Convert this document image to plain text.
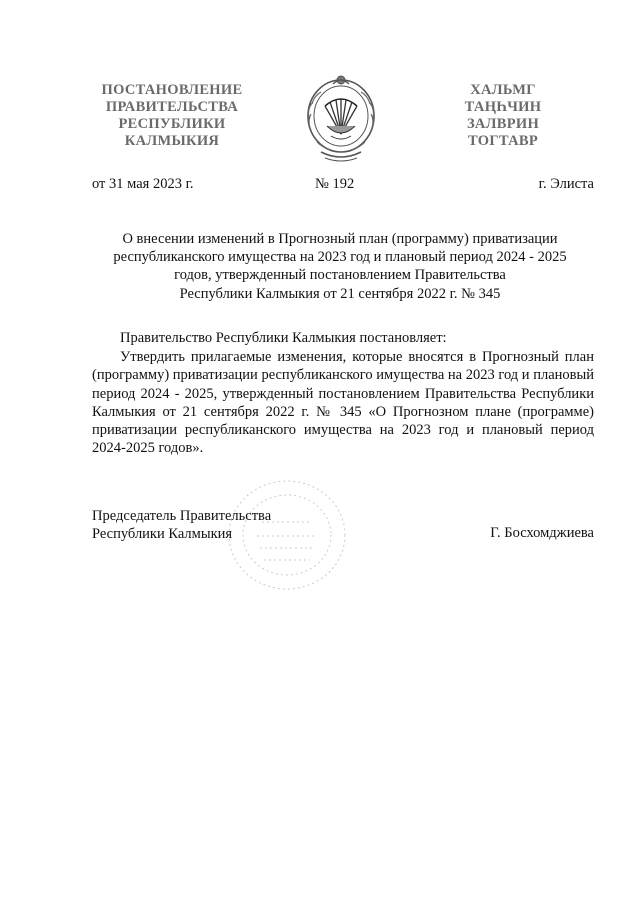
ПОСТАНОВЛЕНИЕ
ПРАВИТЕЛЬСТВА
РЕСПУБЛИКИ
КАЛМЫКИЯ
ХАЛЬМГ
ТАҢҺЧИН
ЗАЛВРИН
ТОГТАВР
от 31 мая 2023 г.	№ 192	г. Элиста
О внесении изменений в Прогнозный план (программу) приватизации
республиканского имущества на 2023 год и плановый период 2024 - 2025
годов, утвержденный постановлением Правительства
Республики Калмыкия от 21 сентября 2022 г. № 345
Правительство Республики Калмыкия постановляет:
Утвердить прилагаемые изменения, которые вносятся в Прогнозный план (программу) приватизации республиканского имущества на 2023 год и плановый период 2024 - 2025, утвержденный постановлением Правительства Республики Калмыкия от 21 сентября 2022 г. № 345 «О Прогнозном плане (программе) приватизации республиканского имущества на 2023 год и плановый период 2024-2025 годов».
Председатель Правительства
Республики Калмыкия	Г. Босхомджиева
